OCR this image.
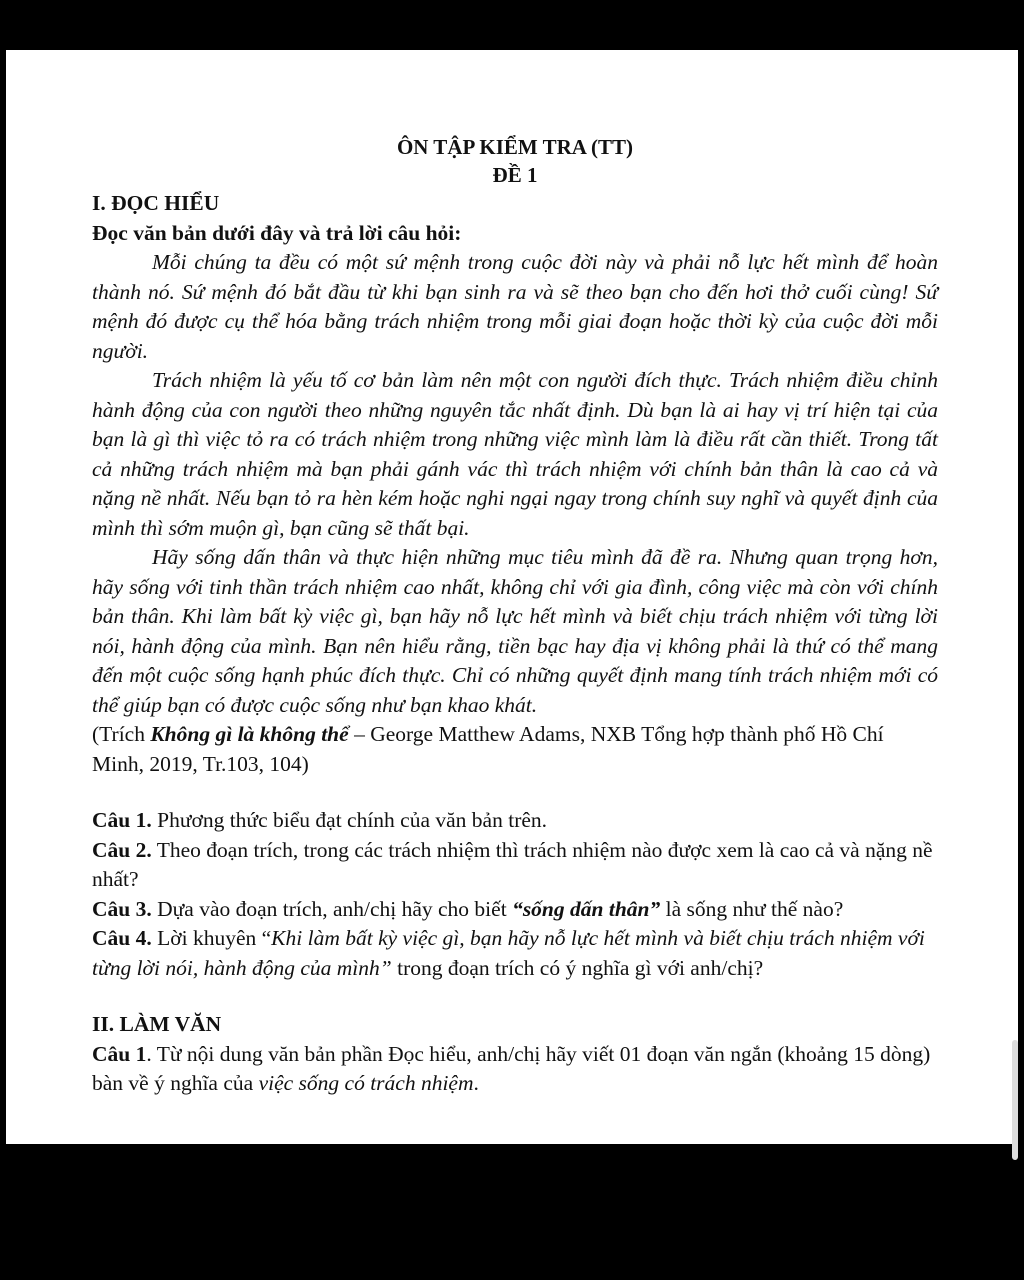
ÔN TẬP KIỂM TRA (TT)

ĐỀ 1

I. ĐỌC HIỂU

Đọc văn bản dưới đây và trả lời câu hỏi:

Mỗi chúng ta đều có một sứ mệnh trong cuộc đời này và phải nỗ lực hết mình để hoàn thành nó. Sứ mệnh đó bắt đầu từ khi bạn sinh ra và sẽ theo bạn cho đến hơi thở cuối cùng! Sứ mệnh đó được cụ thể hóa bằng trách nhiệm trong mỗi giai đoạn hoặc thời kỳ của cuộc đời mỗi người.

Trách nhiệm là yếu tố cơ bản làm nên một con người đích thực. Trách nhiệm điều chỉnh hành động của con người theo những nguyên tắc nhất định. Dù bạn là ai hay vị trí hiện tại của bạn là gì thì việc tỏ ra có trách nhiệm trong những việc mình làm là điều rất cần thiết. Trong tất cả những trách nhiệm mà bạn phải gánh vác thì trách nhiệm với chính bản thân là cao cả và nặng nề nhất. Nếu bạn tỏ ra hèn kém hoặc nghi ngại ngay trong chính suy nghĩ và quyết định của mình thì sớm muộn gì, bạn cũng sẽ thất bại.

Hãy sống dấn thân và thực hiện những mục tiêu mình đã đề ra. Nhưng quan trọng hơn, hãy sống với tinh thần trách nhiệm cao nhất, không chỉ với gia đình, công việc mà còn với chính bản thân. Khi làm bất kỳ việc gì, bạn hãy nỗ lực hết mình và biết chịu trách nhiệm với từng lời nói, hành động của mình. Bạn nên hiểu rằng, tiền bạc hay địa vị không phải là thứ có thể mang đến một cuộc sống hạnh phúc đích thực. Chỉ có những quyết định mang tính trách nhiệm mới có thể giúp bạn có được cuộc sống như bạn khao khát.

(Trích Không gì là không thể – George Matthew Adams, NXB Tổng hợp thành phố Hồ Chí Minh, 2019, Tr.103, 104)

Câu 1. Phương thức biểu đạt chính của văn bản trên.

Câu 2. Theo đoạn trích, trong các trách nhiệm thì trách nhiệm nào được xem là cao cả và nặng nề nhất?

Câu 3. Dựa vào đoạn trích, anh/chị hãy cho biết “sống dấn thân” là sống như thế nào?

Câu 4. Lời khuyên “Khi làm bất kỳ việc gì, bạn hãy nỗ lực hết mình và biết chịu trách nhiệm với từng lời nói, hành động của mình” trong đoạn trích có ý nghĩa gì với anh/chị?

II. LÀM VĂN

Câu 1. Từ nội dung văn bản phần Đọc hiểu, anh/chị hãy viết 01 đoạn văn ngắn (khoảng 15 dòng) bàn về ý nghĩa của việc sống có trách nhiệm.
